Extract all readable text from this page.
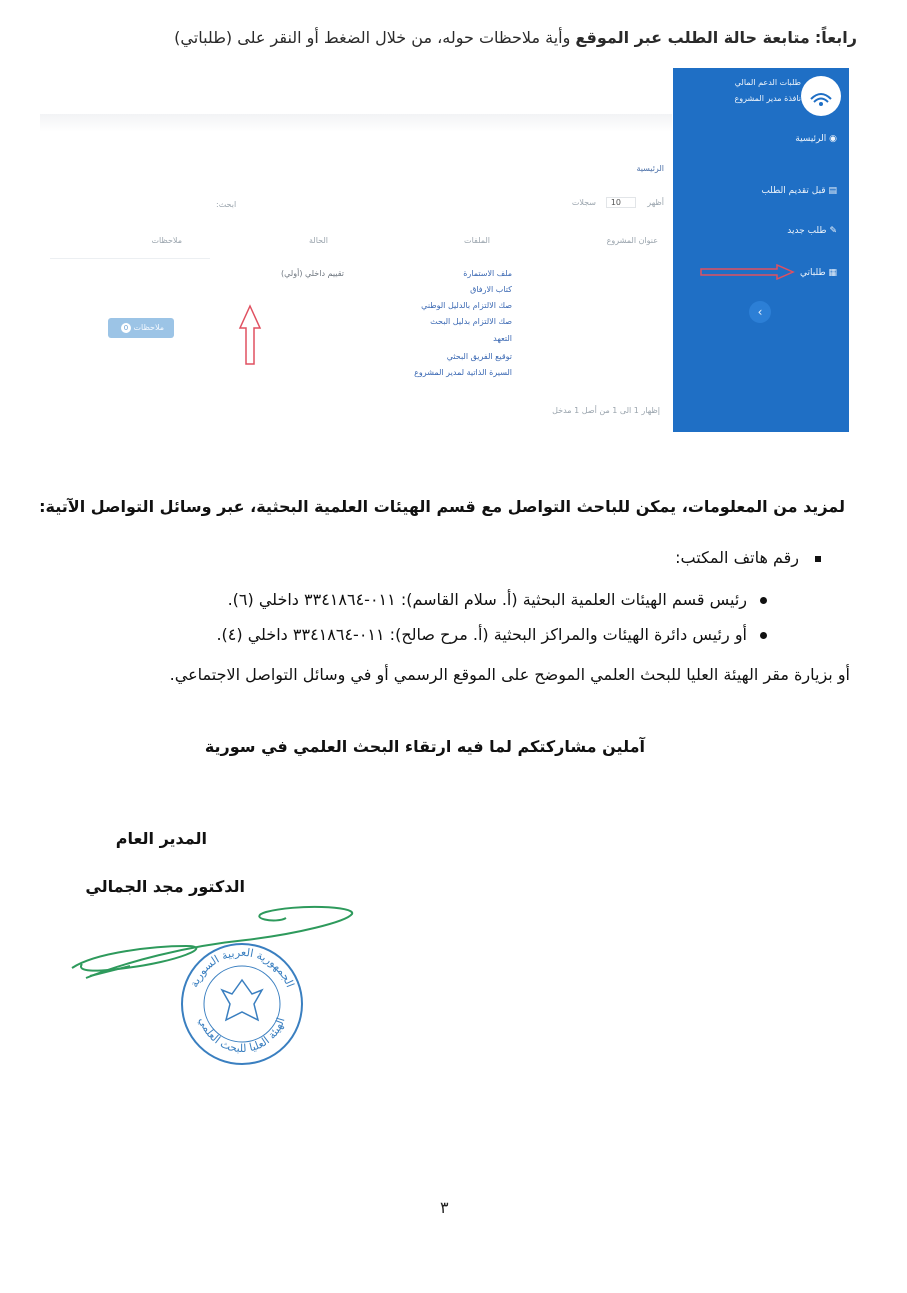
رابعاً: متابعة حالة الطلب عبر الموقع وأية ملاحظات حوله، من خلال الضغط أو النقر على (طلباتي)
الرئيسية
أظهر
10
سجلات
ابحث:
عنوان المشروع
الملفات
الحالة
ملاحظات
ملف الاستمارة
كتاب الارفاق
صك الالتزام بالدليل الوطني
صك الالتزام بدليل البحث
التعهد
توقيع الفريق البحثي
السيرة الذاتية لمدير المشروع
تقييم داخلي (أولي)
ملاحظات 0
إظهار 1 الى 1 من أصل 1 مدخل
طلبات الدعم المالي
نافذة مدير المشروع
◉ الرئيسية
▤ قبل تقديم الطلب
✎ طلب جديد
▦ طلباتي
‹
لمزيد من المعلومات، يمكن للباحث التواصل مع قسم الهيئات العلمية البحثية، عبر وسائل التواصل الآتية:
رقم هاتف المكتب:
رئيس قسم الهيئات العلمية البحثية (أ. سلام القاسم): ٠١١-٣٣٤١٨٦٤ داخلي (٦).
أو رئيس دائرة الهيئات والمراكز البحثية (أ. مرح صالح): ٠١١-٣٣٤١٨٦٤ داخلي (٤).
أو بزيارة مقر الهيئة العليا للبحث العلمي الموضح على الموقع الرسمي أو في وسائل التواصل الاجتماعي.
آملين مشاركتكم لما فيه ارتقاء البحث العلمي في سورية
المدير العام
الدكتور مجد الجمالي
الجمهورية العربية السورية
الهيئة العليا للبحث العلمي
٣
